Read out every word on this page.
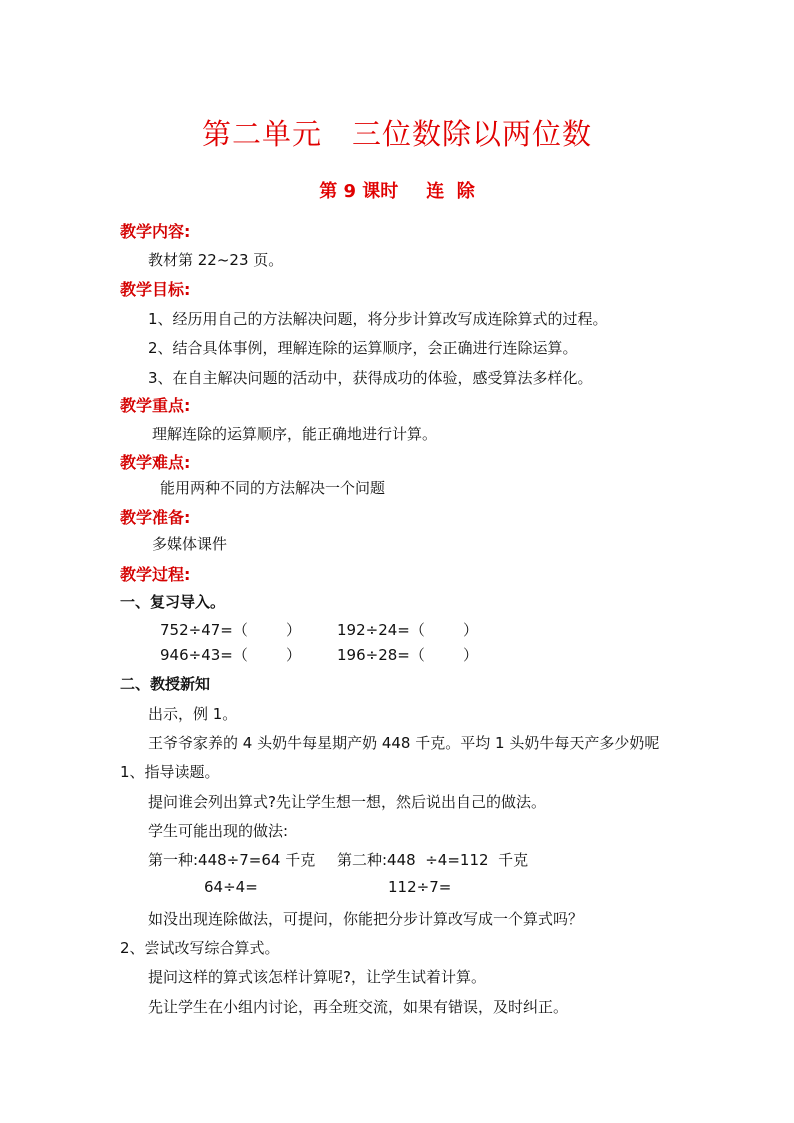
第二单元　三位数除以两位数
第 9 课时 连  除
教学内容:
教材第 22~23 页。
教学目标:
1、经历用自己的方法解决问题，将分步计算改写成连除算式的过程。
2、结合具体事例，理解连除的运算顺序，会正确进行连除运算。
3、在自主解决问题的活动中，获得成功的体验，感受算法多样化。
教学重点:
理解连除的运算顺序，能正确地进行计算。
教学难点:
能用两种不同的方法解决一个问题
教学准备:
多媒体课件
教学过程:
一、复习导入。
752÷47=（        ） 192÷24=（        ）
946÷43=（        ） 196÷28=（        ）
二、教授新知
出示，例 1。
王爷爷家养的 4 头奶牛每星期产奶 448 千克。平均 1 头奶牛每天产多少奶呢
1、指导读题。
提问谁会列出算式?先让学生想一想，然后说出自己的做法。
学生可能出现的做法:
第一种:448÷7=64 千克 第二种:448  ÷4=112  千克
64÷4=	112÷7=
如没出现连除做法，可提问，你能把分步计算改写成一个算式吗？
2、尝试改写综合算式。
提问这样的算式该怎样计算呢?，让学生试着计算。
先让学生在小组内讨论，再全班交流，如果有错误，及时纠正。
